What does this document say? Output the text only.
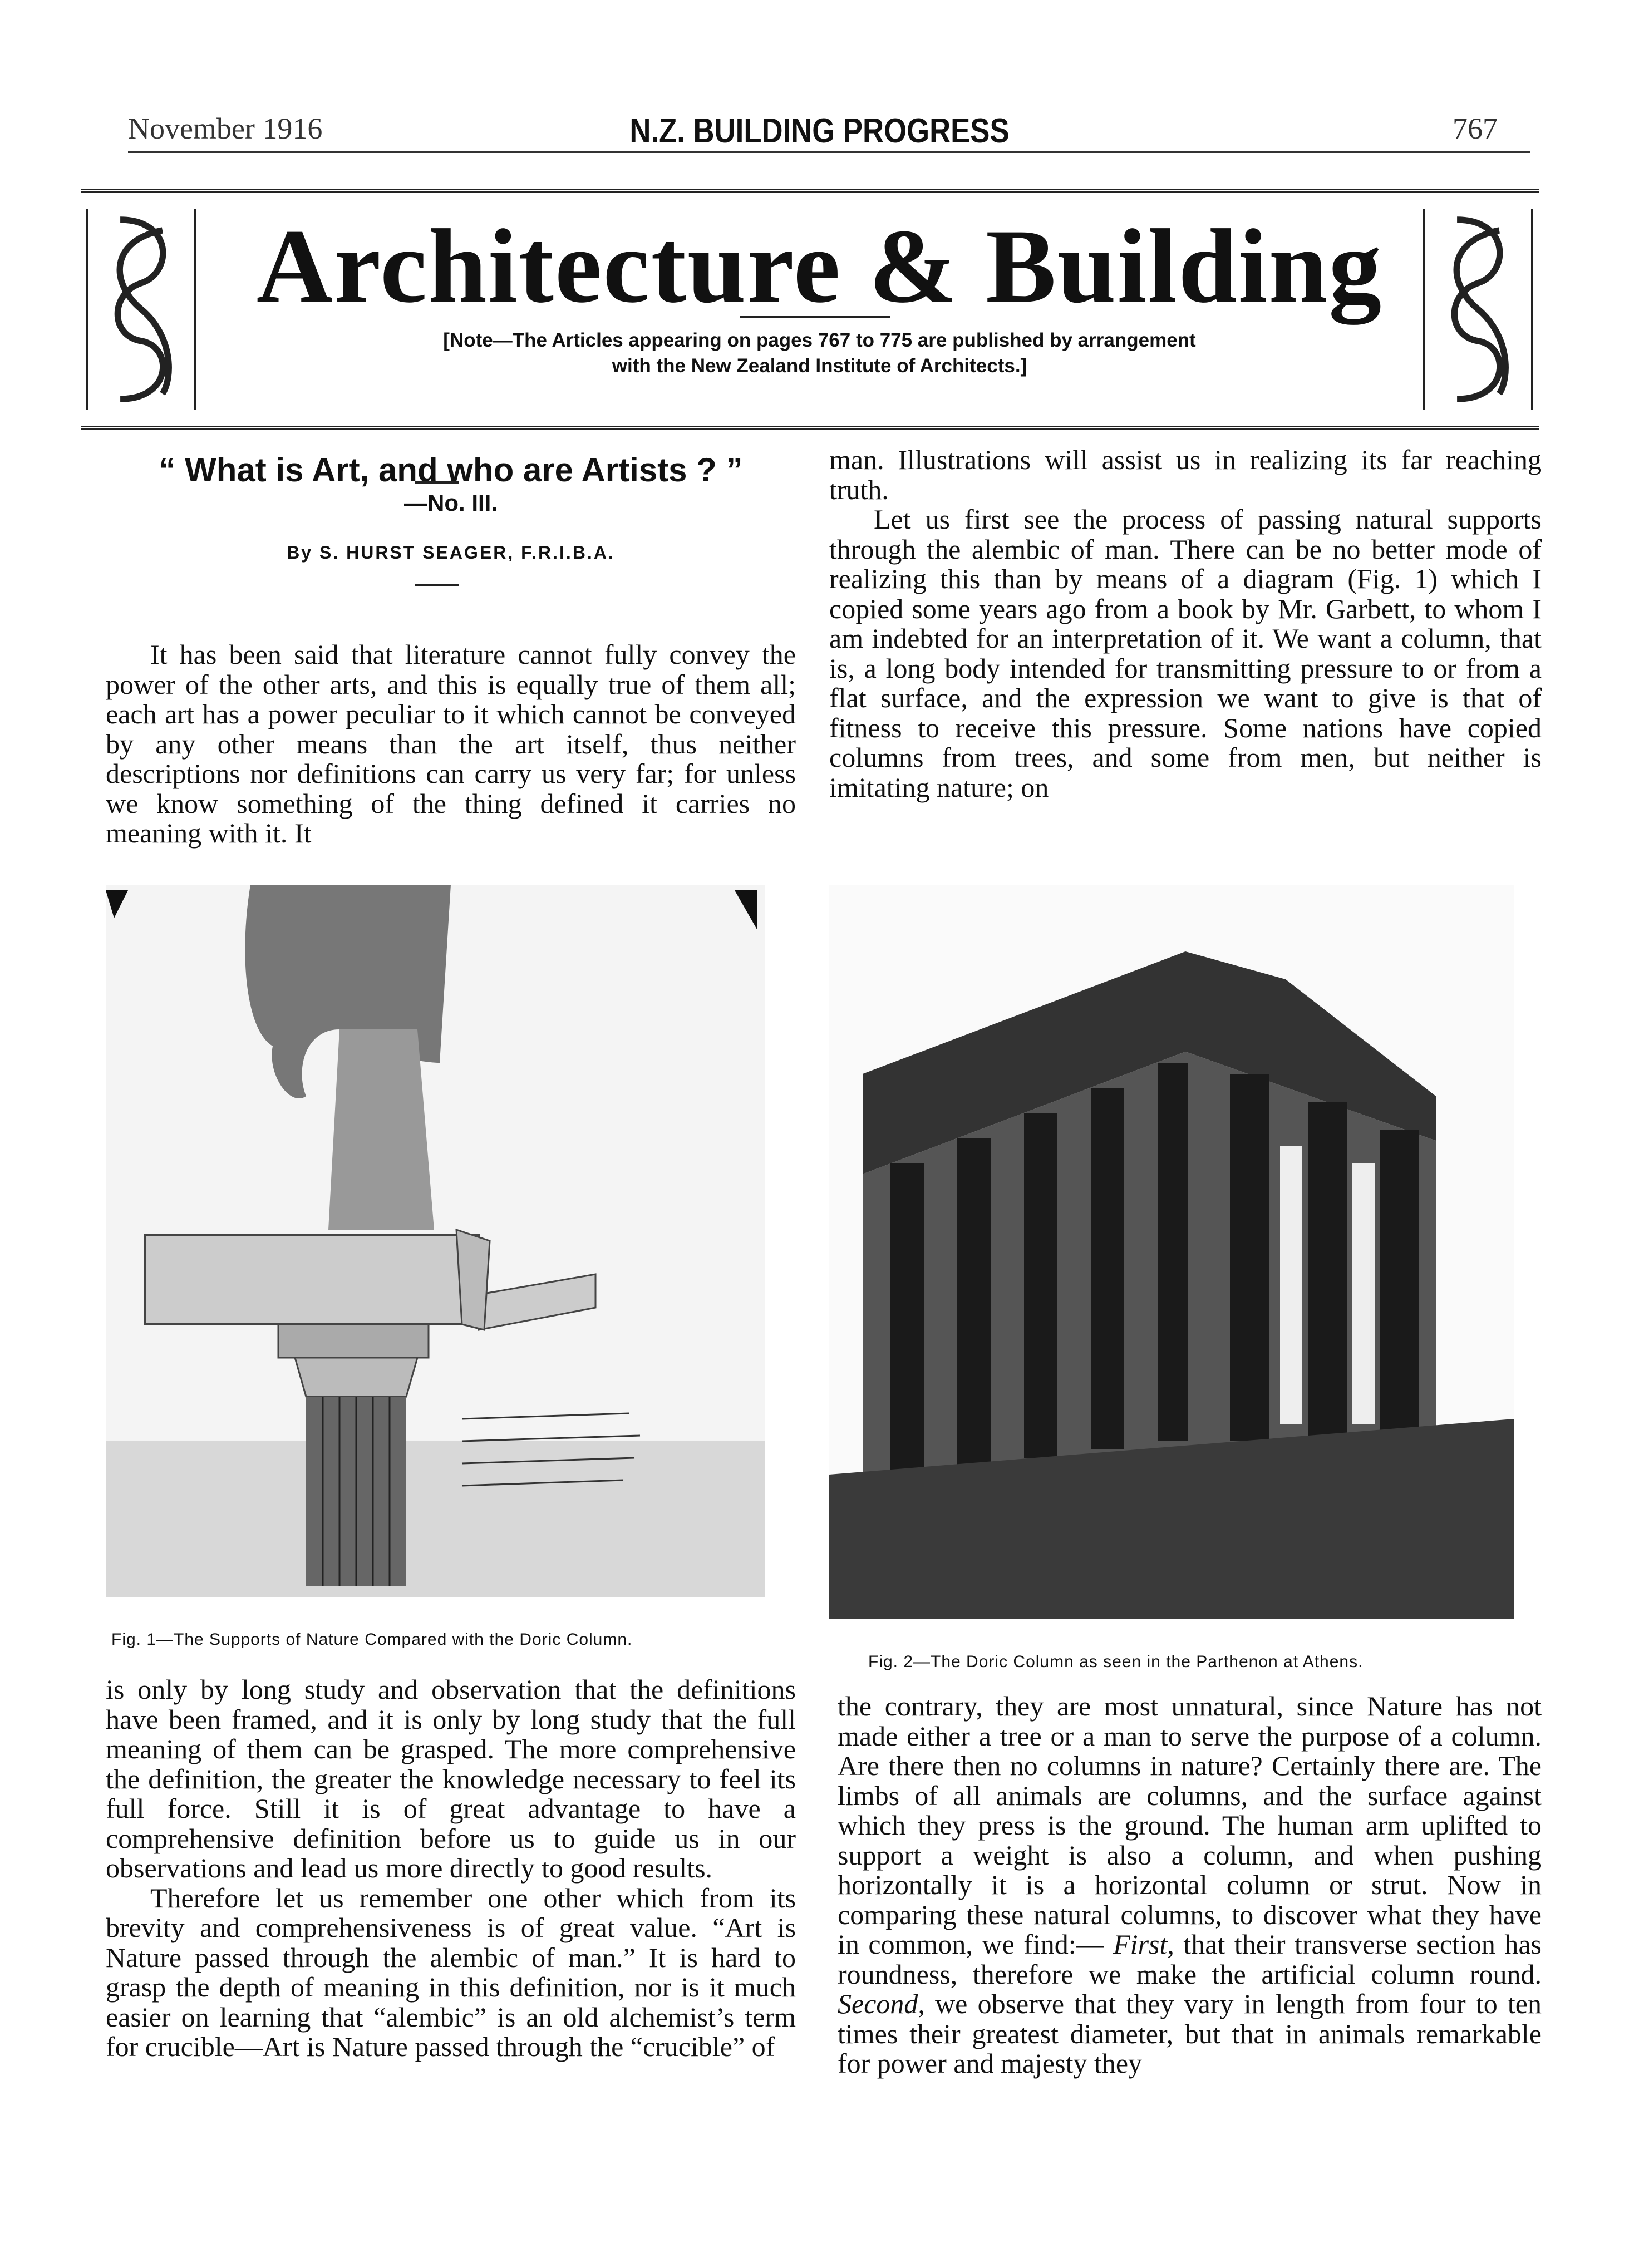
November 1916	N.Z. BUILDING PROGRESS	767
Architecture & Building
[Note—The Articles appearing on pages 767 to 775 are published by arrangement
with the New Zealand Institute of Architects.]
“ What is Art, and who are Artists ? ”
—No. III.
By S. HURST SEAGER, F.R.I.B.A.

It has been said that literature cannot fully convey the power of the other arts, and this is equally true of them all; each art has a power peculiar to it which cannot be conveyed by any other means than the art itself, thus neither descriptions nor definitions can carry us very far; for unless we know something of the thing defined it carries no meaning with it. It

man. Illustrations will assist us in realizing its far reaching truth.

Let us first see the process of passing natural supports through the alembic of man. There can be no better mode of realizing this than by means of a diagram (Fig. 1) which I copied some years ago from a book by Mr. Garbett, to whom I am indebted for an interpretation of it. We want a column, that is, a long body intended for transmitting pressure to or from a flat surface, and the expression we want to give is that of fitness to receive this pressure. Some nations have copied columns from trees, and some from men, but neither is imitating nature; on

Fig. 1—The Supports of Nature Compared with the Doric Column.
Fig. 2—The Doric Column as seen in the Parthenon at Athens.

is only by long study and observation that the definitions have been framed, and it is only by long study that the full meaning of them can be grasped. The more comprehensive the definition, the greater the knowledge necessary to feel its full force. Still it is of great advantage to have a comprehensive definition before us to guide us in our observations and lead us more directly to good results.

Therefore let us remember one other which from its brevity and comprehensiveness is of great value. “Art is Nature passed through the alembic of man.” It is hard to grasp the depth of meaning in this definition, nor is it much easier on learning that “alembic” is an old alchemist’s term for crucible—Art is Nature passed through the “crucible” of

the contrary, they are most unnatural, since Nature has not made either a tree or a man to serve the purpose of a column. Are there then no columns in nature? Certainly there are. The limbs of all animals are columns, and the surface against which they press is the ground. The human arm uplifted to support a weight is also a column, and when pushing horizontally it is a horizontal column or strut. Now in comparing these natural columns, to discover what they have in common, we find:— First, that their transverse section has roundness, therefore we make the artificial column round. Second, we observe that they vary in length from four to ten times their greatest diameter, but that in animals remarkable for power and majesty they
